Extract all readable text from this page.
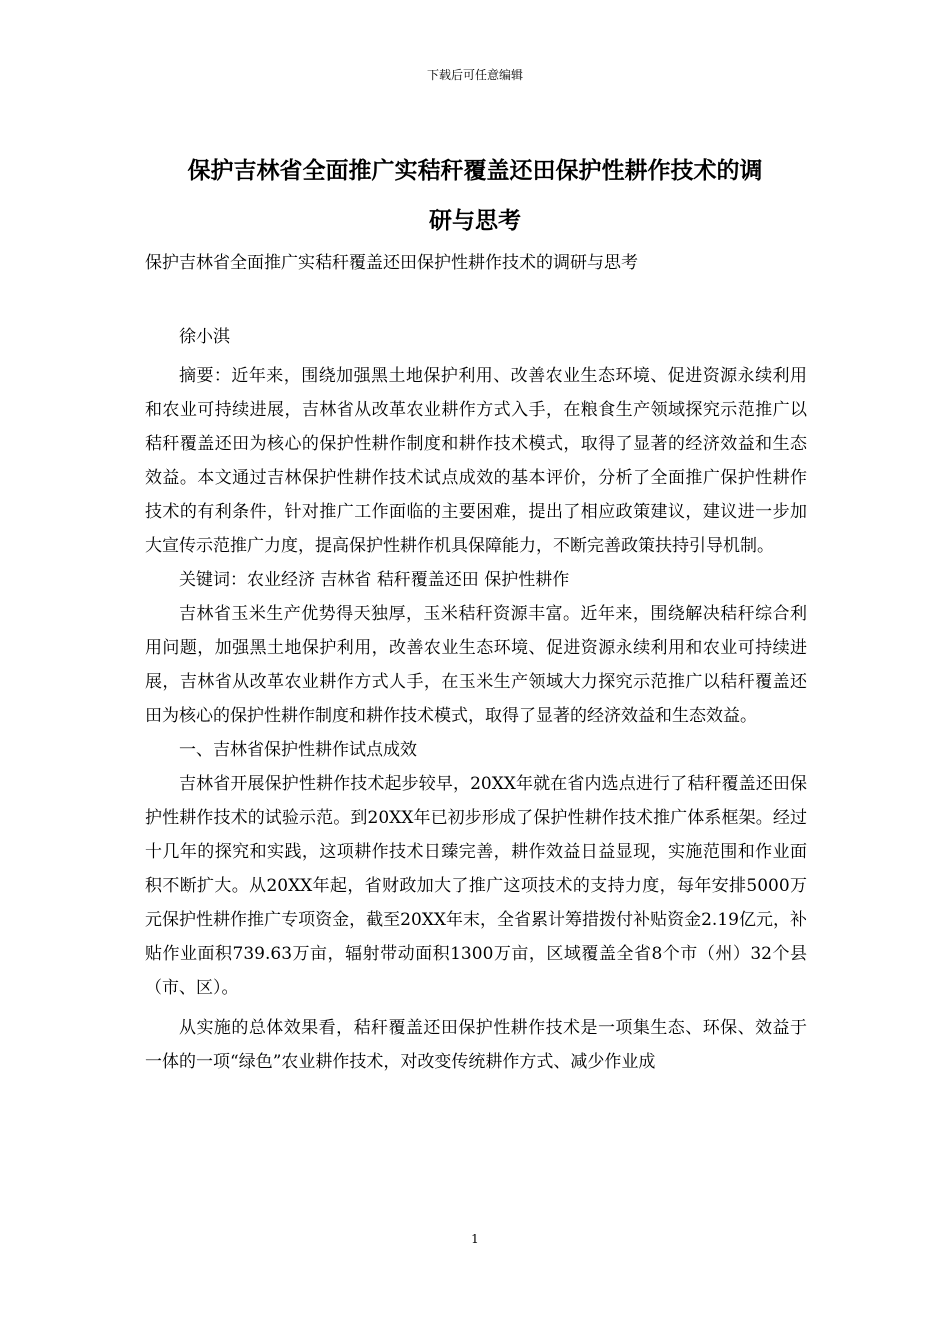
下载后可任意编辑
保护吉林省全面推广实秸秆覆盖还田保护性耕作技术的调
研与思考
保护吉林省全面推广实秸秆覆盖还田保护性耕作技术的调研与思考
徐小淇

摘要：近年来，围绕加强黑土地保护利用、改善农业生态环境、促进资源永续利用和农业可持续进展，吉林省从改革农业耕作方式入手，在粮食生产领域探究示范推广以秸秆覆盖还田为核心的保护性耕作制度和耕作技术模式，取得了显著的经济效益和生态效益。本文通过吉林保护性耕作技术试点成效的基本评价，分析了全面推广保护性耕作技术的有利条件，针对推广工作面临的主要困难，提出了相应政策建议，建议进一步加大宣传示范推广力度，提高保护性耕作机具保障能力，不断完善政策扶持引导机制。

关键词：农业经济 吉林省 秸秆覆盖还田 保护性耕作

吉林省玉米生产优势得天独厚，玉米秸秆资源丰富。近年来，围绕解决秸秆综合利用问题，加强黑土地保护利用，改善农业生态环境、促进资源永续利用和农业可持续进展，吉林省从改革农业耕作方式人手，在玉米生产领域大力探究示范推广以秸秆覆盖还田为核心的保护性耕作制度和耕作技术模式，取得了显著的经济效益和生态效益。

一、吉林省保护性耕作试点成效

吉林省开展保护性耕作技术起步较早，20XX年就在省内选点进行了秸秆覆盖还田保护性耕作技术的试验示范。到20XX年已初步形成了保护性耕作技术推广体系框架。经过十几年的探究和实践，这项耕作技术日臻完善，耕作效益日益显现，实施范围和作业面积不断扩大。从20XX年起，省财政加大了推广这项技术的支持力度，每年安排5000万元保护性耕作推广专项资金，截至20XX年末，全省累计筹措拨付补贴资金2.19亿元，补贴作业面积739.63万亩，辐射带动面积1300万亩，区域覆盖全省8个市（州）32个县（市、区）。

从实施的总体效果看，秸秆覆盖还田保护性耕作技术是一项集生态、环保、效益于一体的一项“绿色”农业耕作技术，对改变传统耕作方式、减少作业成

1
